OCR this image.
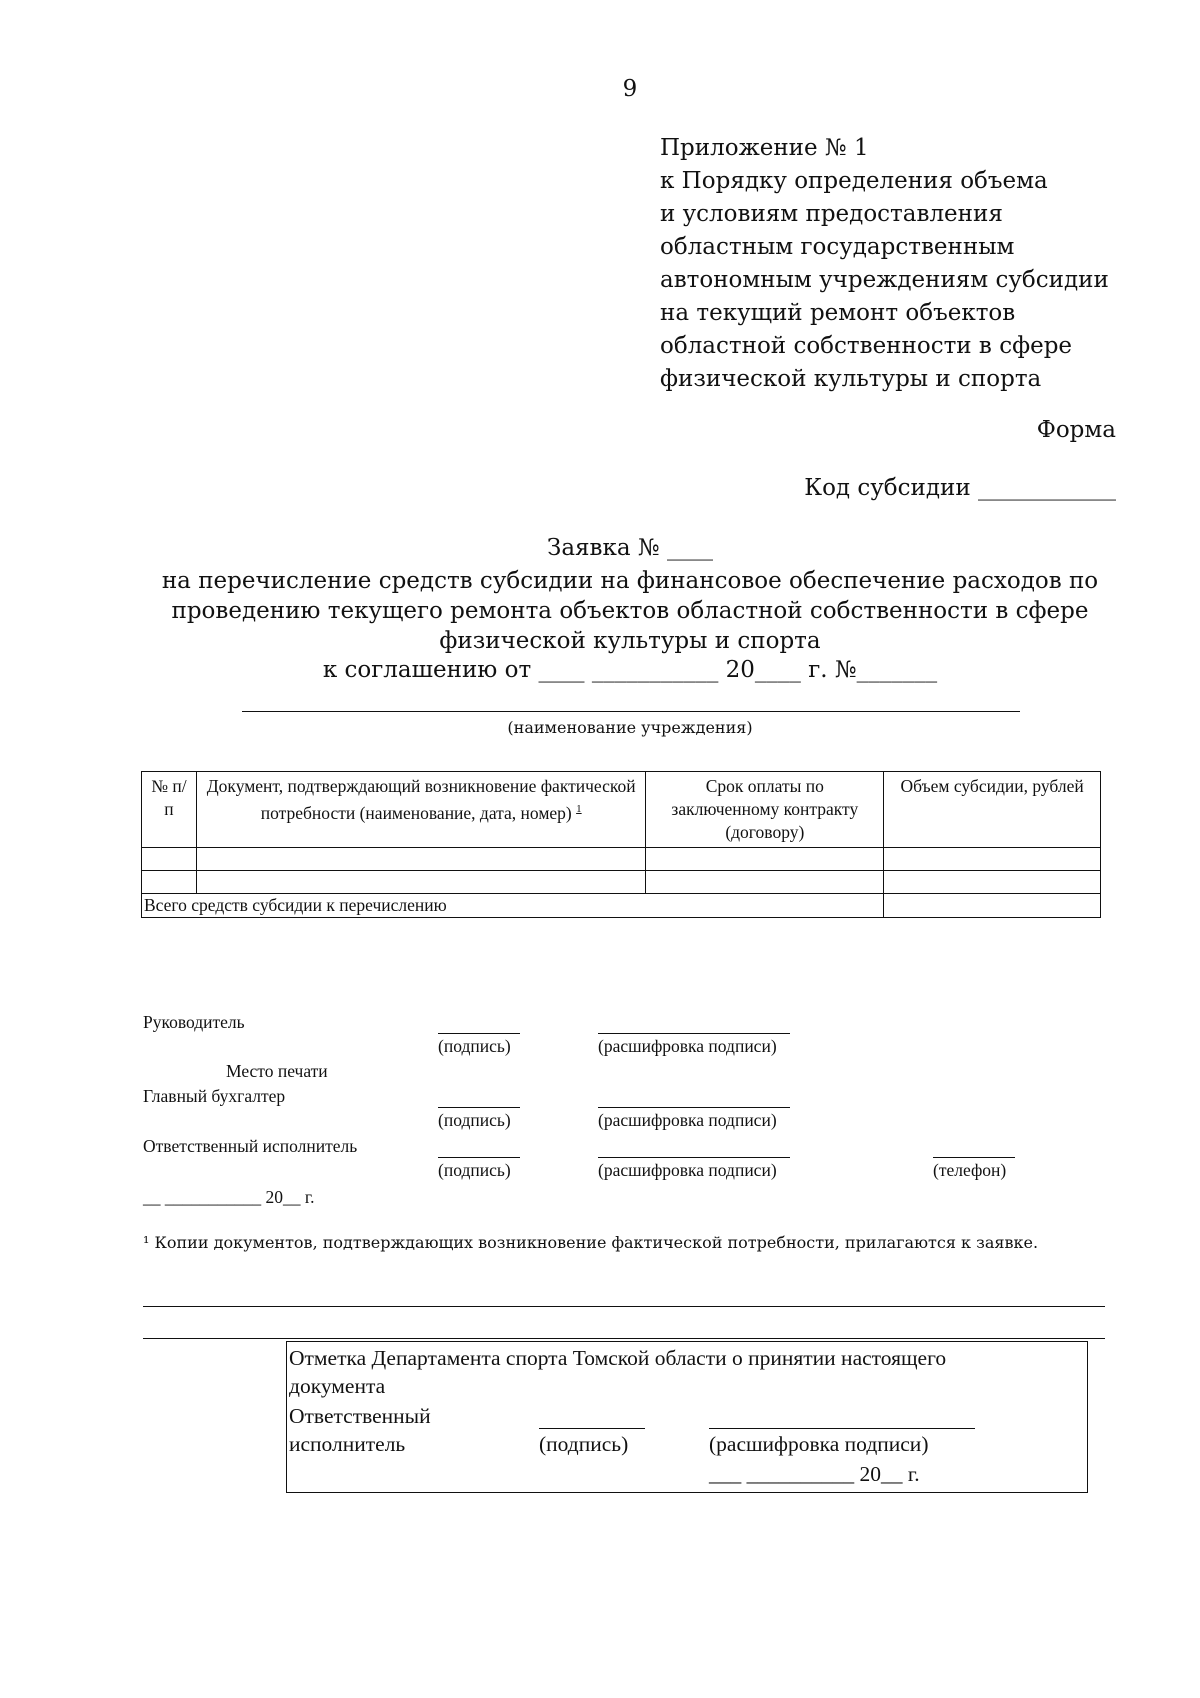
9
Приложение № 1
к Порядку определения объема
и условиям предоставления
областным государственным
автономным учреждениям субсидии
на текущий ремонт объектов
областной собственности в сфере
физической культуры и спорта
Форма
Код субсидии ____________
Заявка № ____
на перечисление средств субсидии на финансовое обеспечение расходов по
проведению текущего ремонта объектов областной собственности в сфере
физической культуры и спорта
к соглашению от ____ ___________ 20____ г. №_______
(наименование учреждения)
№ п/п	Документ, подтверждающий возникновение фактической потребности (наименование, дата, номер) $^1$	Срок оплаты по заключенному контракту (договору)	Объем субсидии, рублей

Всего средств субсидии к перечислению			
Руководитель
(подпись)	(расшифровка подписи)
Место печати
Главный бухгалтер
(подпись)	(расшифровка подписи)
Ответственный исполнитель
(подпись)	(расшифровка подписи)	(телефон)
__ ___________ 20__ г.
¹ Копии документов, подтверждающих возникновение фактической потребности, прилагаются к заявке.
Отметка Департамента спорта Томской области о принятии настоящего
документа
Ответственный
исполнитель	(подпись)	(расшифровка подписи)
___ __________ 20__ г.
